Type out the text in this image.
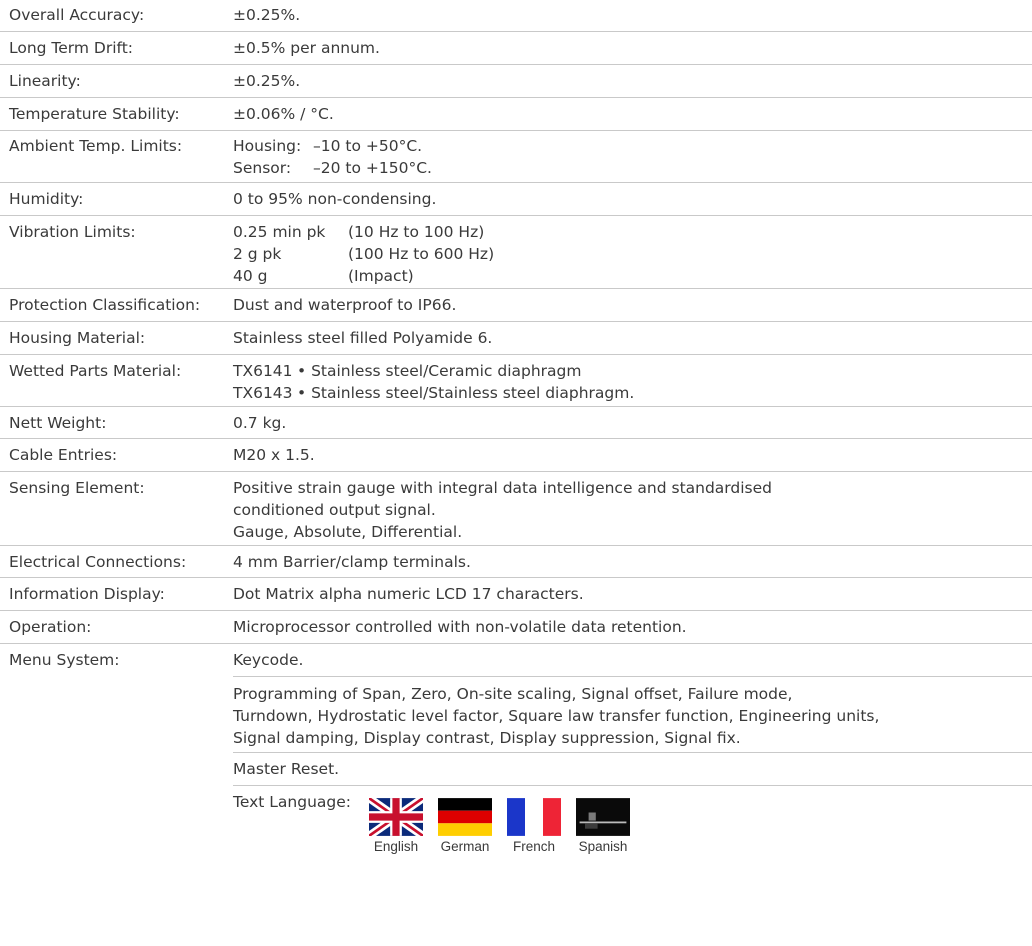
Overall Accuracy:	±0.25%.
Long Term Drift:	±0.5% per annum.
Linearity:	±0.25%.
Temperature Stability:	±0.06% / °C.
Ambient Temp. Limits:	Housing: –10 to +50°C.
Sensor:	–20 to +150°C.
Humidity:	0 to 95% non-condensing.
Vibration Limits:	0.25 min pk	(10 Hz to 100 Hz)
2 g pk	(100 Hz to 600 Hz)
40 g	(Impact)
Protection Classification:	Dust and waterproof to IP66.
Housing Material:	Stainless steel filled Polyamide 6.
Wetted Parts Material:	TX6141 • Stainless steel/Ceramic diaphragm
TX6143 • Stainless steel/Stainless steel diaphragm.
Nett Weight:	0.7 kg.
Cable Entries:	M20 x 1.5.
Sensing Element:	Positive strain gauge with integral data intelligence and standardised
conditioned output signal.
Gauge, Absolute, Differential.
Electrical Connections:	4 mm Barrier/clamp terminals.
Information Display:	Dot Matrix alpha numeric LCD 17 characters.
Operation:	Microprocessor controlled with non-volatile data retention.
Menu System:	Keycode.
Programming of Span, Zero, On-site scaling, Signal offset, Failure mode,
Turndown, Hydrostatic level factor, Square law transfer function, Engineering units,
Signal damping, Display contrast, Display suppression, Signal fix.
Master Reset.
Text Language:
English German French Spanish
